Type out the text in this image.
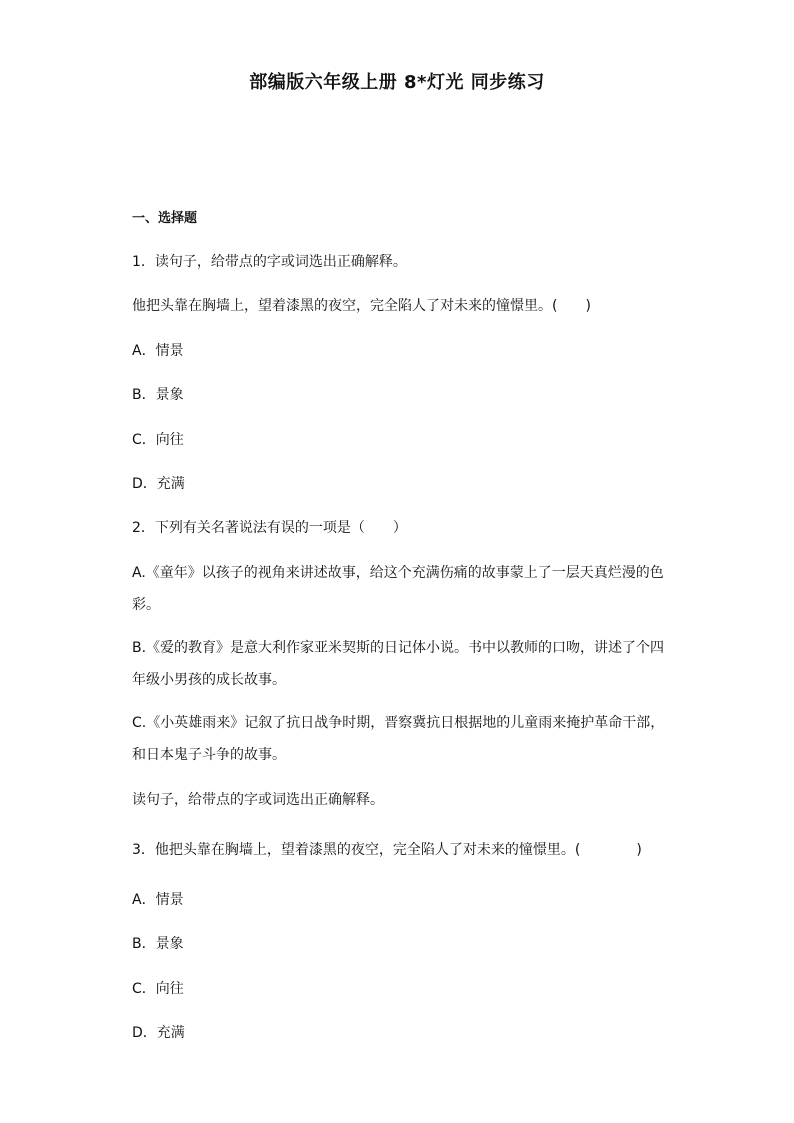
部编版六年级上册 8*灯光 同步练习
一、选择题
1．读句子，给带点的字或词选出正确解释。
他把头靠在胸墙上，望着漆黑的夜空，完全陷人了对未来的憧憬里。(　　)
A．情景
B．景象
C．向往
D．充满
2．下列有关名著说法有误的一项是（　　）
A.《童年》以孩子的视角来讲述故事，给这个充满伤痛的故事蒙上了一层天真烂漫的色彩。
B.《爱的教育》是意大利作家亚米契斯的日记体小说。书中以教师的口吻，讲述了个四年级小男孩的成长故事。
C.《小英雄雨来》记叙了抗日战争时期，晋察冀抗日根据地的儿童雨来掩护革命干部，和日本鬼子斗争的故事。
读句子，给带点的字或词选出正确解释。
3．他把头靠在胸墙上，望着漆黑的夜空，完全陷人了对未来的憧憬里。(　　　　)
A．情景
B．景象
C．向往
D．充满
